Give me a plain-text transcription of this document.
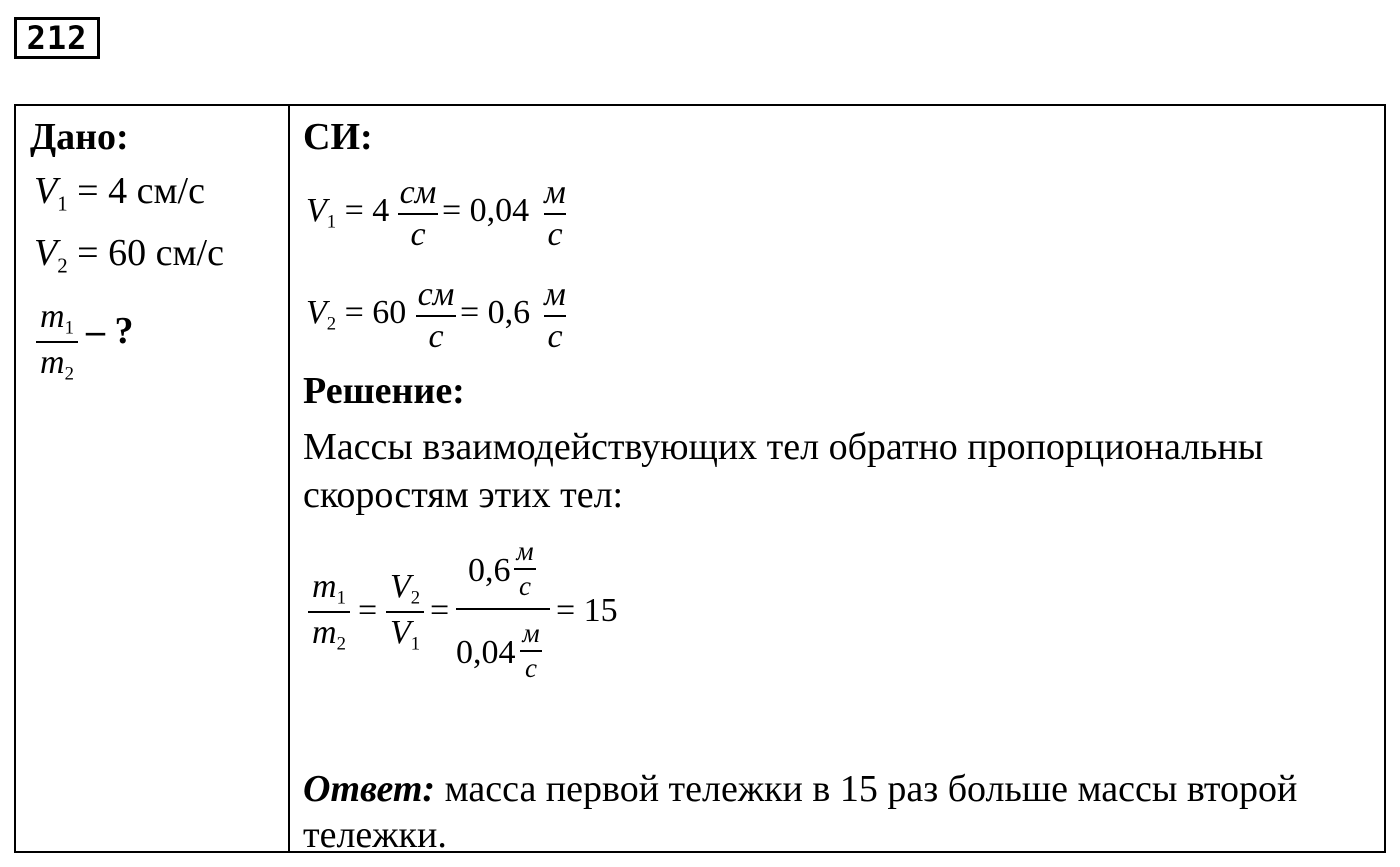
212
Дано:
$V_1 = 4$ см/с
$V_2 = 60$ см/с
$m_1$
$m_2$
– ?
СИ:
$V_1 = 4$ см
с
= 0,04 м
с
$V_2 = 60$ см
с
= 0,6 м
с
Решение:
Массы взаимодействующих тел обратно пропорциональны
скоростям этих тел:
$m_1$
$m_2$
=
$V_2$
$V_1$
=
0,6
м
с
0,04
м
с
= 15
Ответ: масса первой тележки в 15 раз больше массы второй
тележки.
